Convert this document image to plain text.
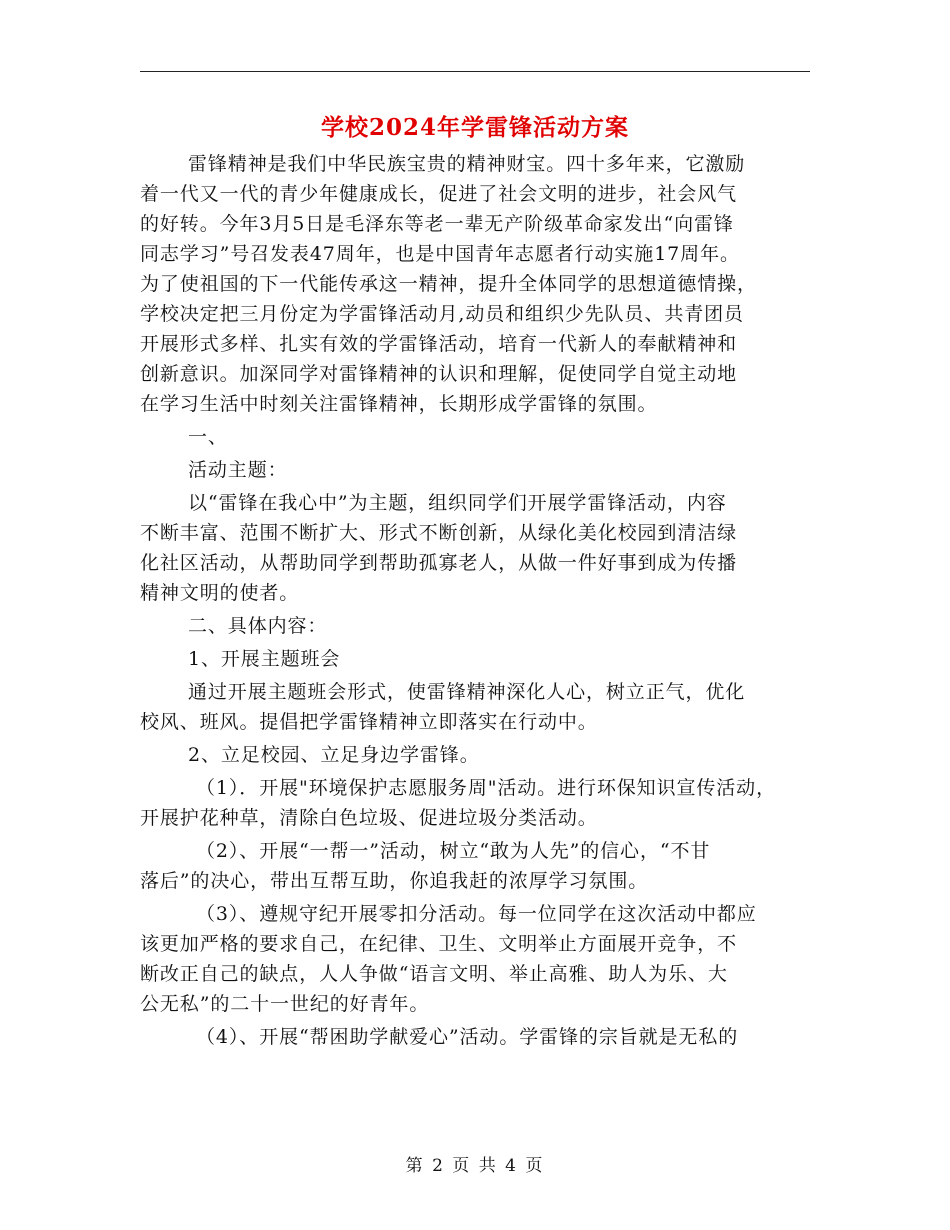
学校2024年学雷锋活动方案
雷锋精神是我们中华民族宝贵的精神财宝。四十多年来，它激励
着一代又一代的青少年健康成长，促进了社会文明的进步，社会风气
的好转。今年3月5日是毛泽东等老一辈无产阶级革命家发出“向雷锋
同志学习”号召发表47周年，也是中国青年志愿者行动实施17周年。
为了使祖国的下一代能传承这一精神，提升全体同学的思想道德情操，
学校决定把三月份定为学雷锋活动月,动员和组织少先队员、共青团员
开展形式多样、扎实有效的学雷锋活动，培育一代新人的奉献精神和
创新意识。加深同学对雷锋精神的认识和理解，促使同学自觉主动地
在学习生活中时刻关注雷锋精神，长期形成学雷锋的氛围。
一、
活动主题：
以“雷锋在我心中”为主题，组织同学们开展学雷锋活动，内容
不断丰富、范围不断扩大、形式不断创新，从绿化美化校园到清洁绿
化社区活动，从帮助同学到帮助孤寡老人，从做一件好事到成为传播
精神文明的使者。
二、具体内容：
1、开展主题班会
通过开展主题班会形式，使雷锋精神深化人心，树立正气，优化
校风、班风。提倡把学雷锋精神立即落实在行动中。
2、立足校园、立足身边学雷锋。
（1）．开展"环境保护志愿服务周"活动。进行环保知识宣传活动，
开展护花种草，清除白色垃圾、促进垃圾分类活动。
（2）、开展“一帮一”活动，树立“敢为人先”的信心，“不甘
落后”的决心，带出互帮互助，你追我赶的浓厚学习氛围。
（3）、遵规守纪开展零扣分活动。每一位同学在这次活动中都应
该更加严格的要求自己，在纪律、卫生、文明举止方面展开竞争，不
断改正自己的缺点，人人争做“语言文明、举止高雅、助人为乐、大
公无私”的二十一世纪的好青年。
（4）、开展“帮困助学献爱心”活动。学雷锋的宗旨就是无私的
第 2 页 共 4 页
